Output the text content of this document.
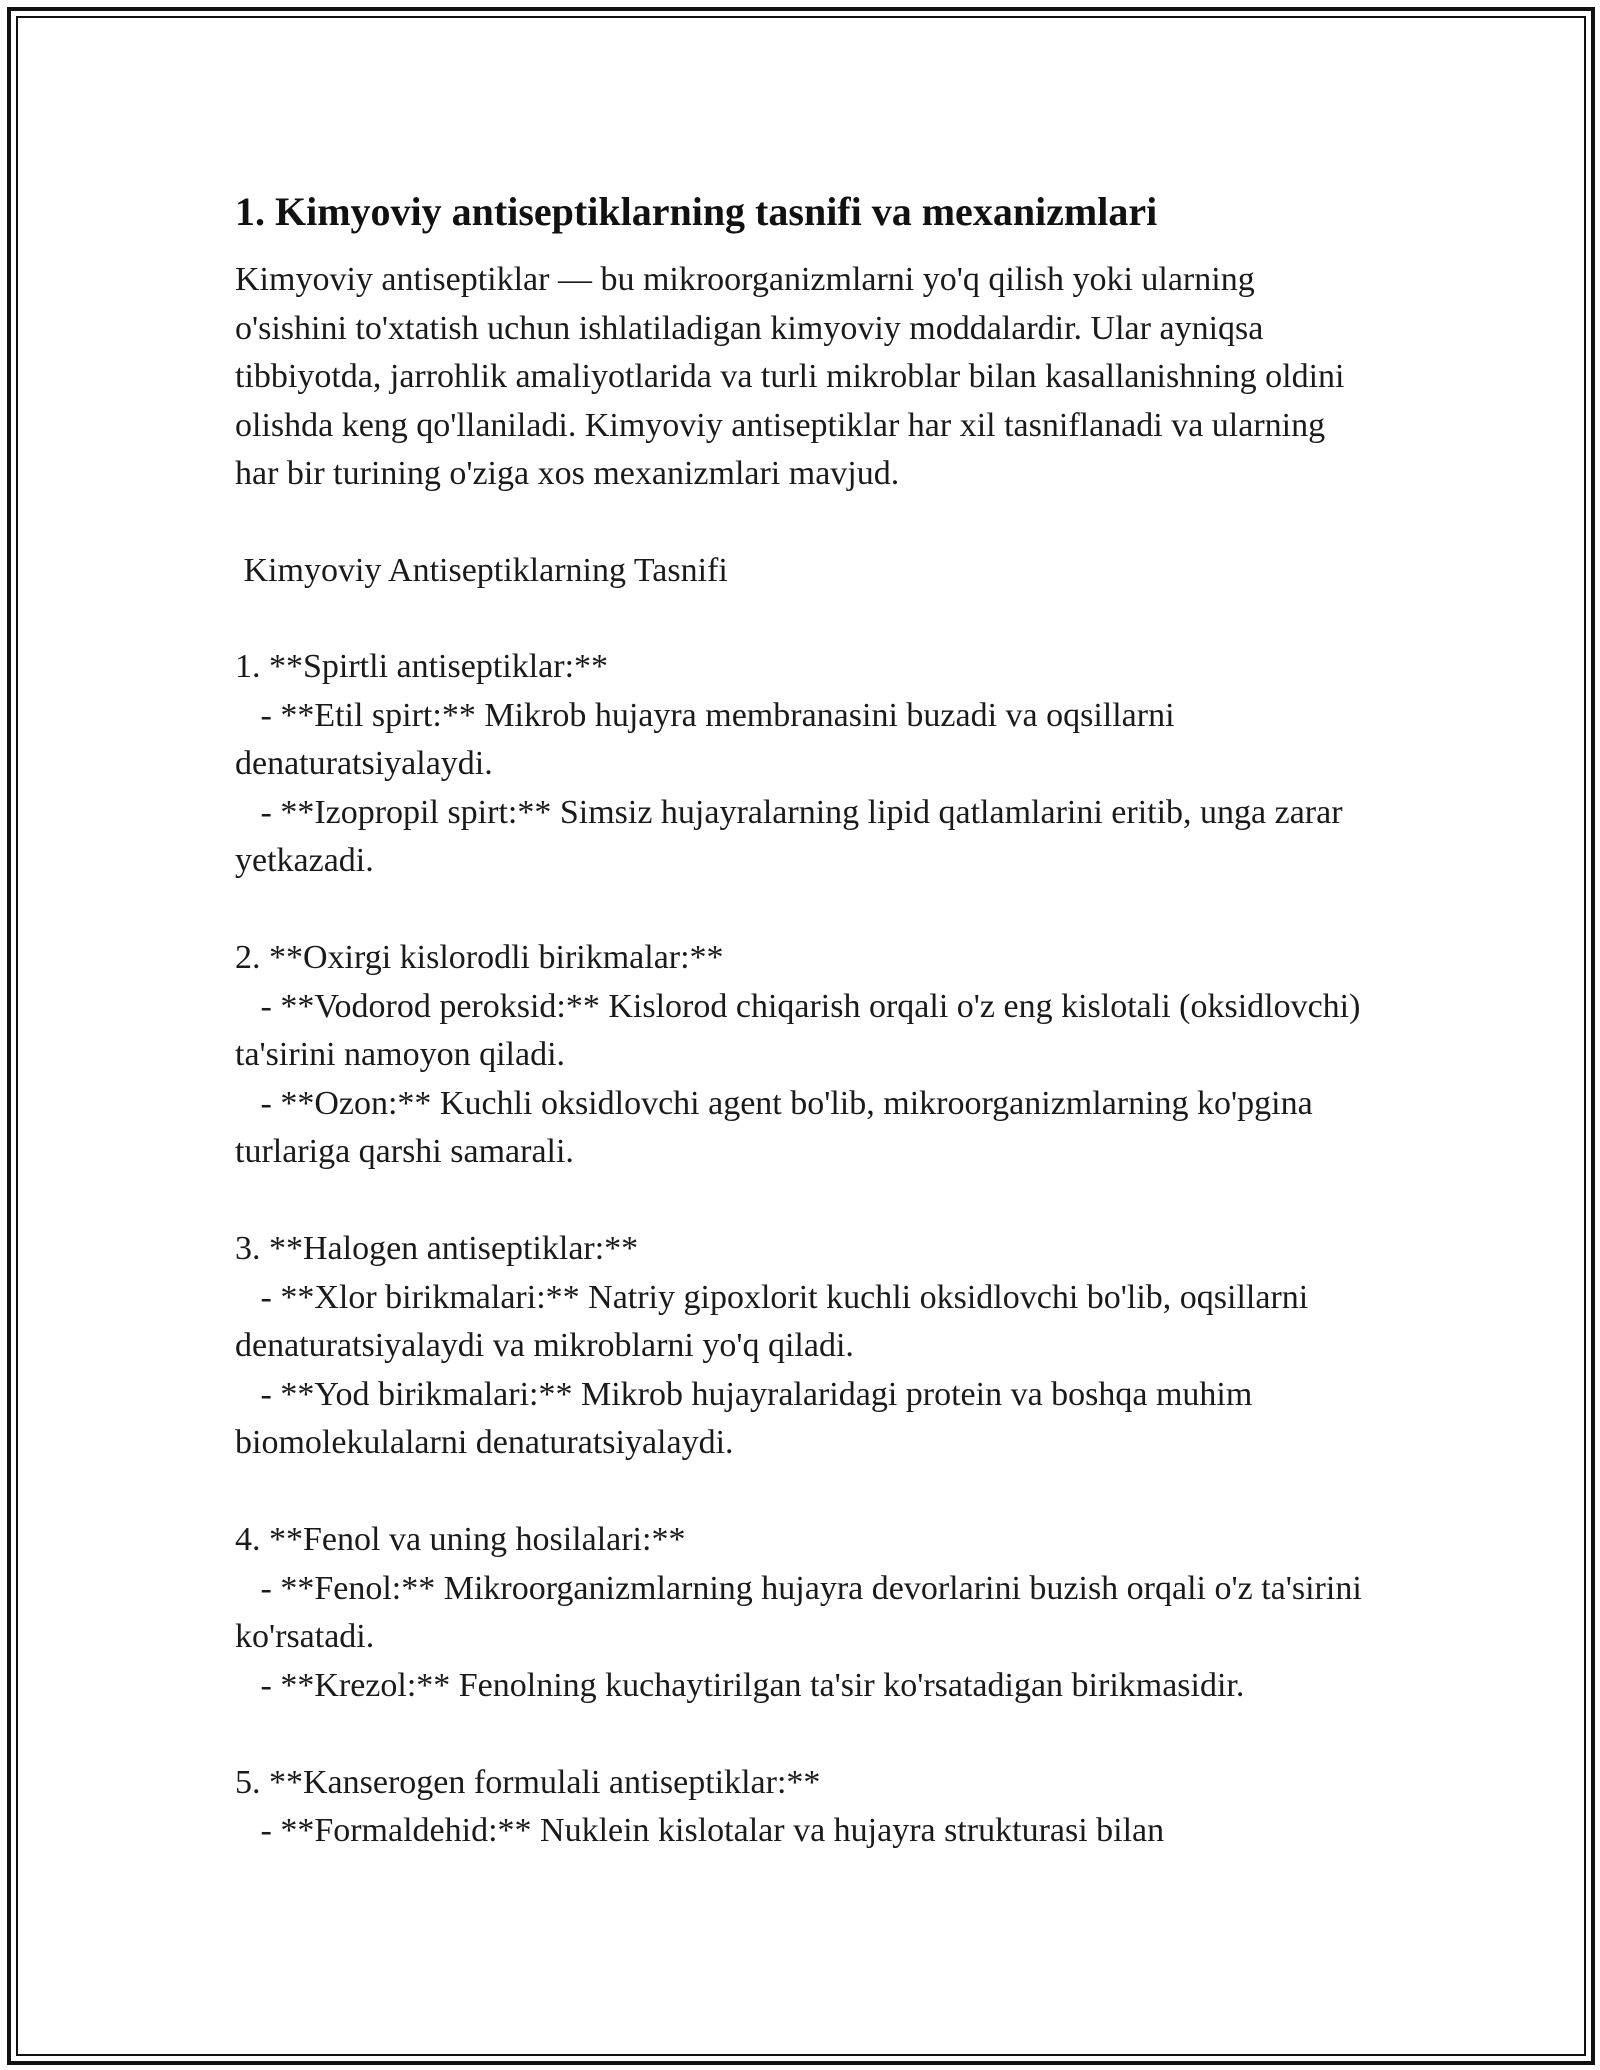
1. Kimyoviy antiseptiklarning tasnifi va mexanizmlari

Kimyoviy antiseptiklar — bu mikroorganizmlarni yo'q qilish yoki ularning o'sishini to'xtatish uchun ishlatiladigan kimyoviy moddalardir. Ular ayniqsa tibbiyotda, jarrohlik amaliyotlarida va turli mikroblar bilan kasallanishning oldini olishda keng qo'llaniladi. Kimyoviy antiseptiklar har xil tasniflanadi va ularning har bir turining o'ziga xos mexanizmlari mavjud.

Kimyoviy Antiseptiklarning Tasnifi

1. **Spirtli antiseptiklar:**

- **Etil spirt:** Mikrob hujayra membranasini buzadi va oqsillarni denaturatsiyalaydi.

- **Izopropil spirt:** Simsiz hujayralarning lipid qatlamlarini eritib, unga zarar yetkazadi.

2. **Oxirgi kislorodli birikmalar:**

- **Vodorod peroksid:** Kislorod chiqarish orqali o'z eng kislotali (oksidlovchi) ta'sirini namoyon qiladi.

- **Ozon:** Kuchli oksidlovchi agent bo'lib, mikroorganizmlarning ko'pgina turlariga qarshi samarali.

3. **Halogen antiseptiklar:**

- **Xlor birikmalari:** Natriy gipoxlorit kuchli oksidlovchi bo'lib, oqsillarni denaturatsiyalaydi va mikroblarni yo'q qiladi.

- **Yod birikmalari:** Mikrob hujayralaridagi protein va boshqa muhim biomolekulalarni denaturatsiyalaydi.

4. **Fenol va uning hosilalari:**

- **Fenol:** Mikroorganizmlarning hujayra devorlarini buzish orqali o'z ta'sirini ko'rsatadi.

- **Krezol:** Fenolning kuchaytirilgan ta'sir ko'rsatadigan birikmasidir.

5. **Kanserogen formulali antiseptiklar:**

- **Formaldehid:** Nuklein kislotalar va hujayra strukturasi bilan
